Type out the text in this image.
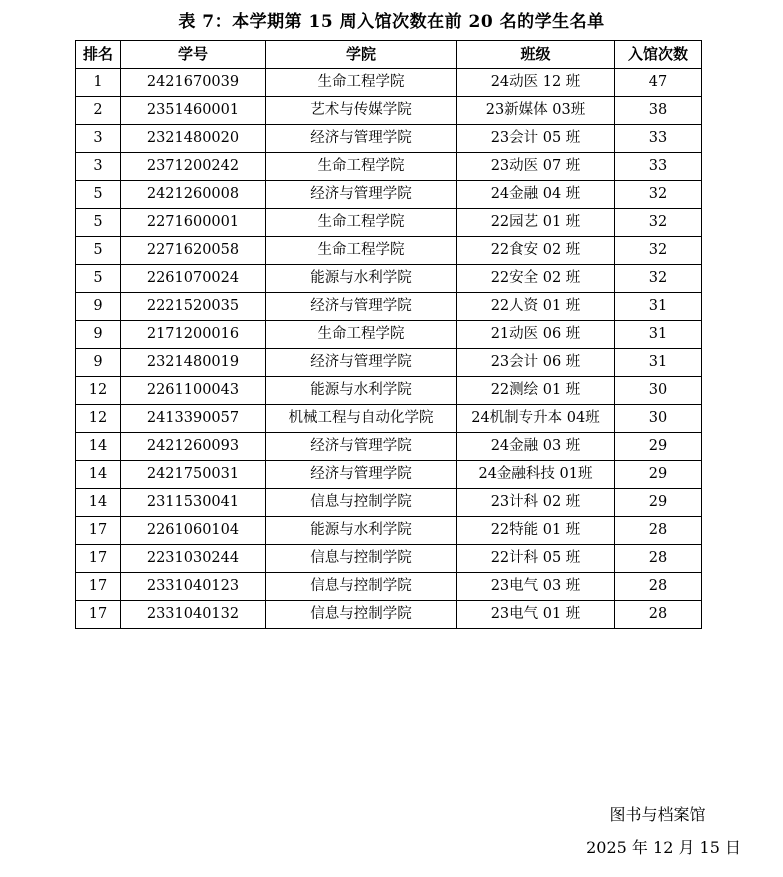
表 7：本学期第 15 周入馆次数在前 20 名的学生名单
排名	学号	学院	班级	入馆次数
1	2421670039	生命工程学院	24动医 12 班	47
2	2351460001	艺术与传媒学院	23新媒体 03班	38
3	2321480020	经济与管理学院	23会计 05 班	33
3	2371200242	生命工程学院	23动医 07 班	33
5	2421260008	经济与管理学院	24金融 04 班	32
5	2271600001	生命工程学院	22园艺 01 班	32
5	2271620058	生命工程学院	22食安 02 班	32
5	2261070024	能源与水利学院	22安全 02 班	32
9	2221520035	经济与管理学院	22人资 01 班	31
9	2171200016	生命工程学院	21动医 06 班	31
9	2321480019	经济与管理学院	23会计 06 班	31
12	2261100043	能源与水利学院	22测绘 01 班	30
12	2413390057	机械工程与自动化学院	24机制专升本 04班	30
14	2421260093	经济与管理学院	24金融 03 班	29
14	2421750031	经济与管理学院	24金融科技 01班	29
14	2311530041	信息与控制学院	23计科 02 班	29
17	2261060104	能源与水利学院	22特能 01 班	28
17	2231030244	信息与控制学院	22计科 05 班	28
17	2331040123	信息与控制学院	23电气 03 班	28
17	2331040132	信息与控制学院	23电气 01 班	28
图书与档案馆
2025 年 12 月 15 日
